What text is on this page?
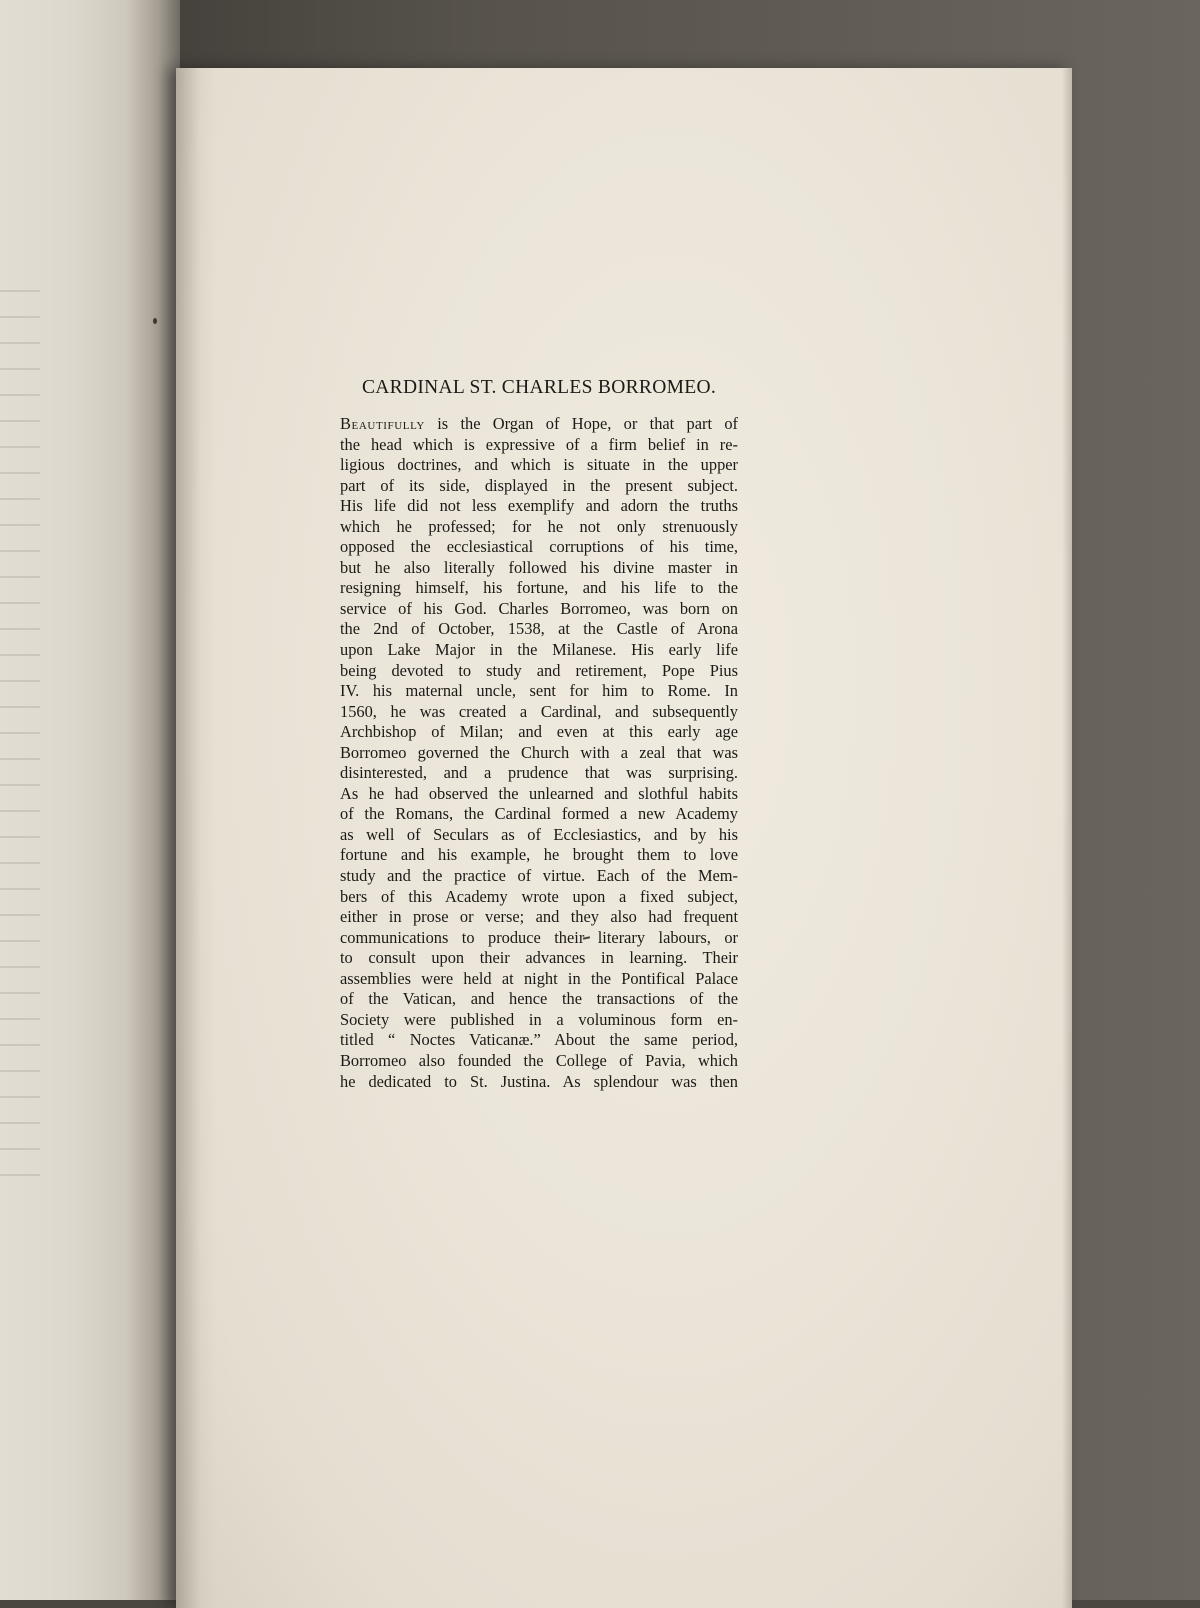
CARDINAL ST. CHARLES BORROMEO.
Beautifully is the Organ of Hope, or that part of
the head which is expressive of a firm belief in re-
ligious doctrines, and which is situate in the upper
part of its side, displayed in the present subject.
His life did not less exemplify and adorn the truths
which he professed; for he not only strenuously
opposed the ecclesiastical corruptions of his time,
but he also literally followed his divine master in
resigning himself, his fortune, and his life to the
service of his God. Charles Borromeo, was born on
the 2nd of October, 1538, at the Castle of Arona
upon Lake Major in the Milanese. His early life
being devoted to study and retirement, Pope Pius
IV. his maternal uncle, sent for him to Rome. In
1560, he was created a Cardinal, and subsequently
Archbishop of Milan; and even at this early age
Borromeo governed the Church with a zeal that was
disinterested, and a prudence that was surprising.
As he had observed the unlearned and slothful habits
of the Romans, the Cardinal formed a new Academy
as well of Seculars as of Ecclesiastics, and by his
fortune and his example, he brought them to love
study and the practice of virtue. Each of the Mem-
bers of this Academy wrote upon a fixed subject,
either in prose or verse; and they also had frequent
communications to produce their literary labours, or
to consult upon their advances in learning. Their
assemblies were held at night in the Pontifical Palace
of the Vatican, and hence the transactions of the
Society were published in a voluminous form en-
titled “ Noctes Vaticanæ.” About the same period,
Borromeo also founded the College of Pavia, which
he dedicated to St. Justina. As splendour was then
